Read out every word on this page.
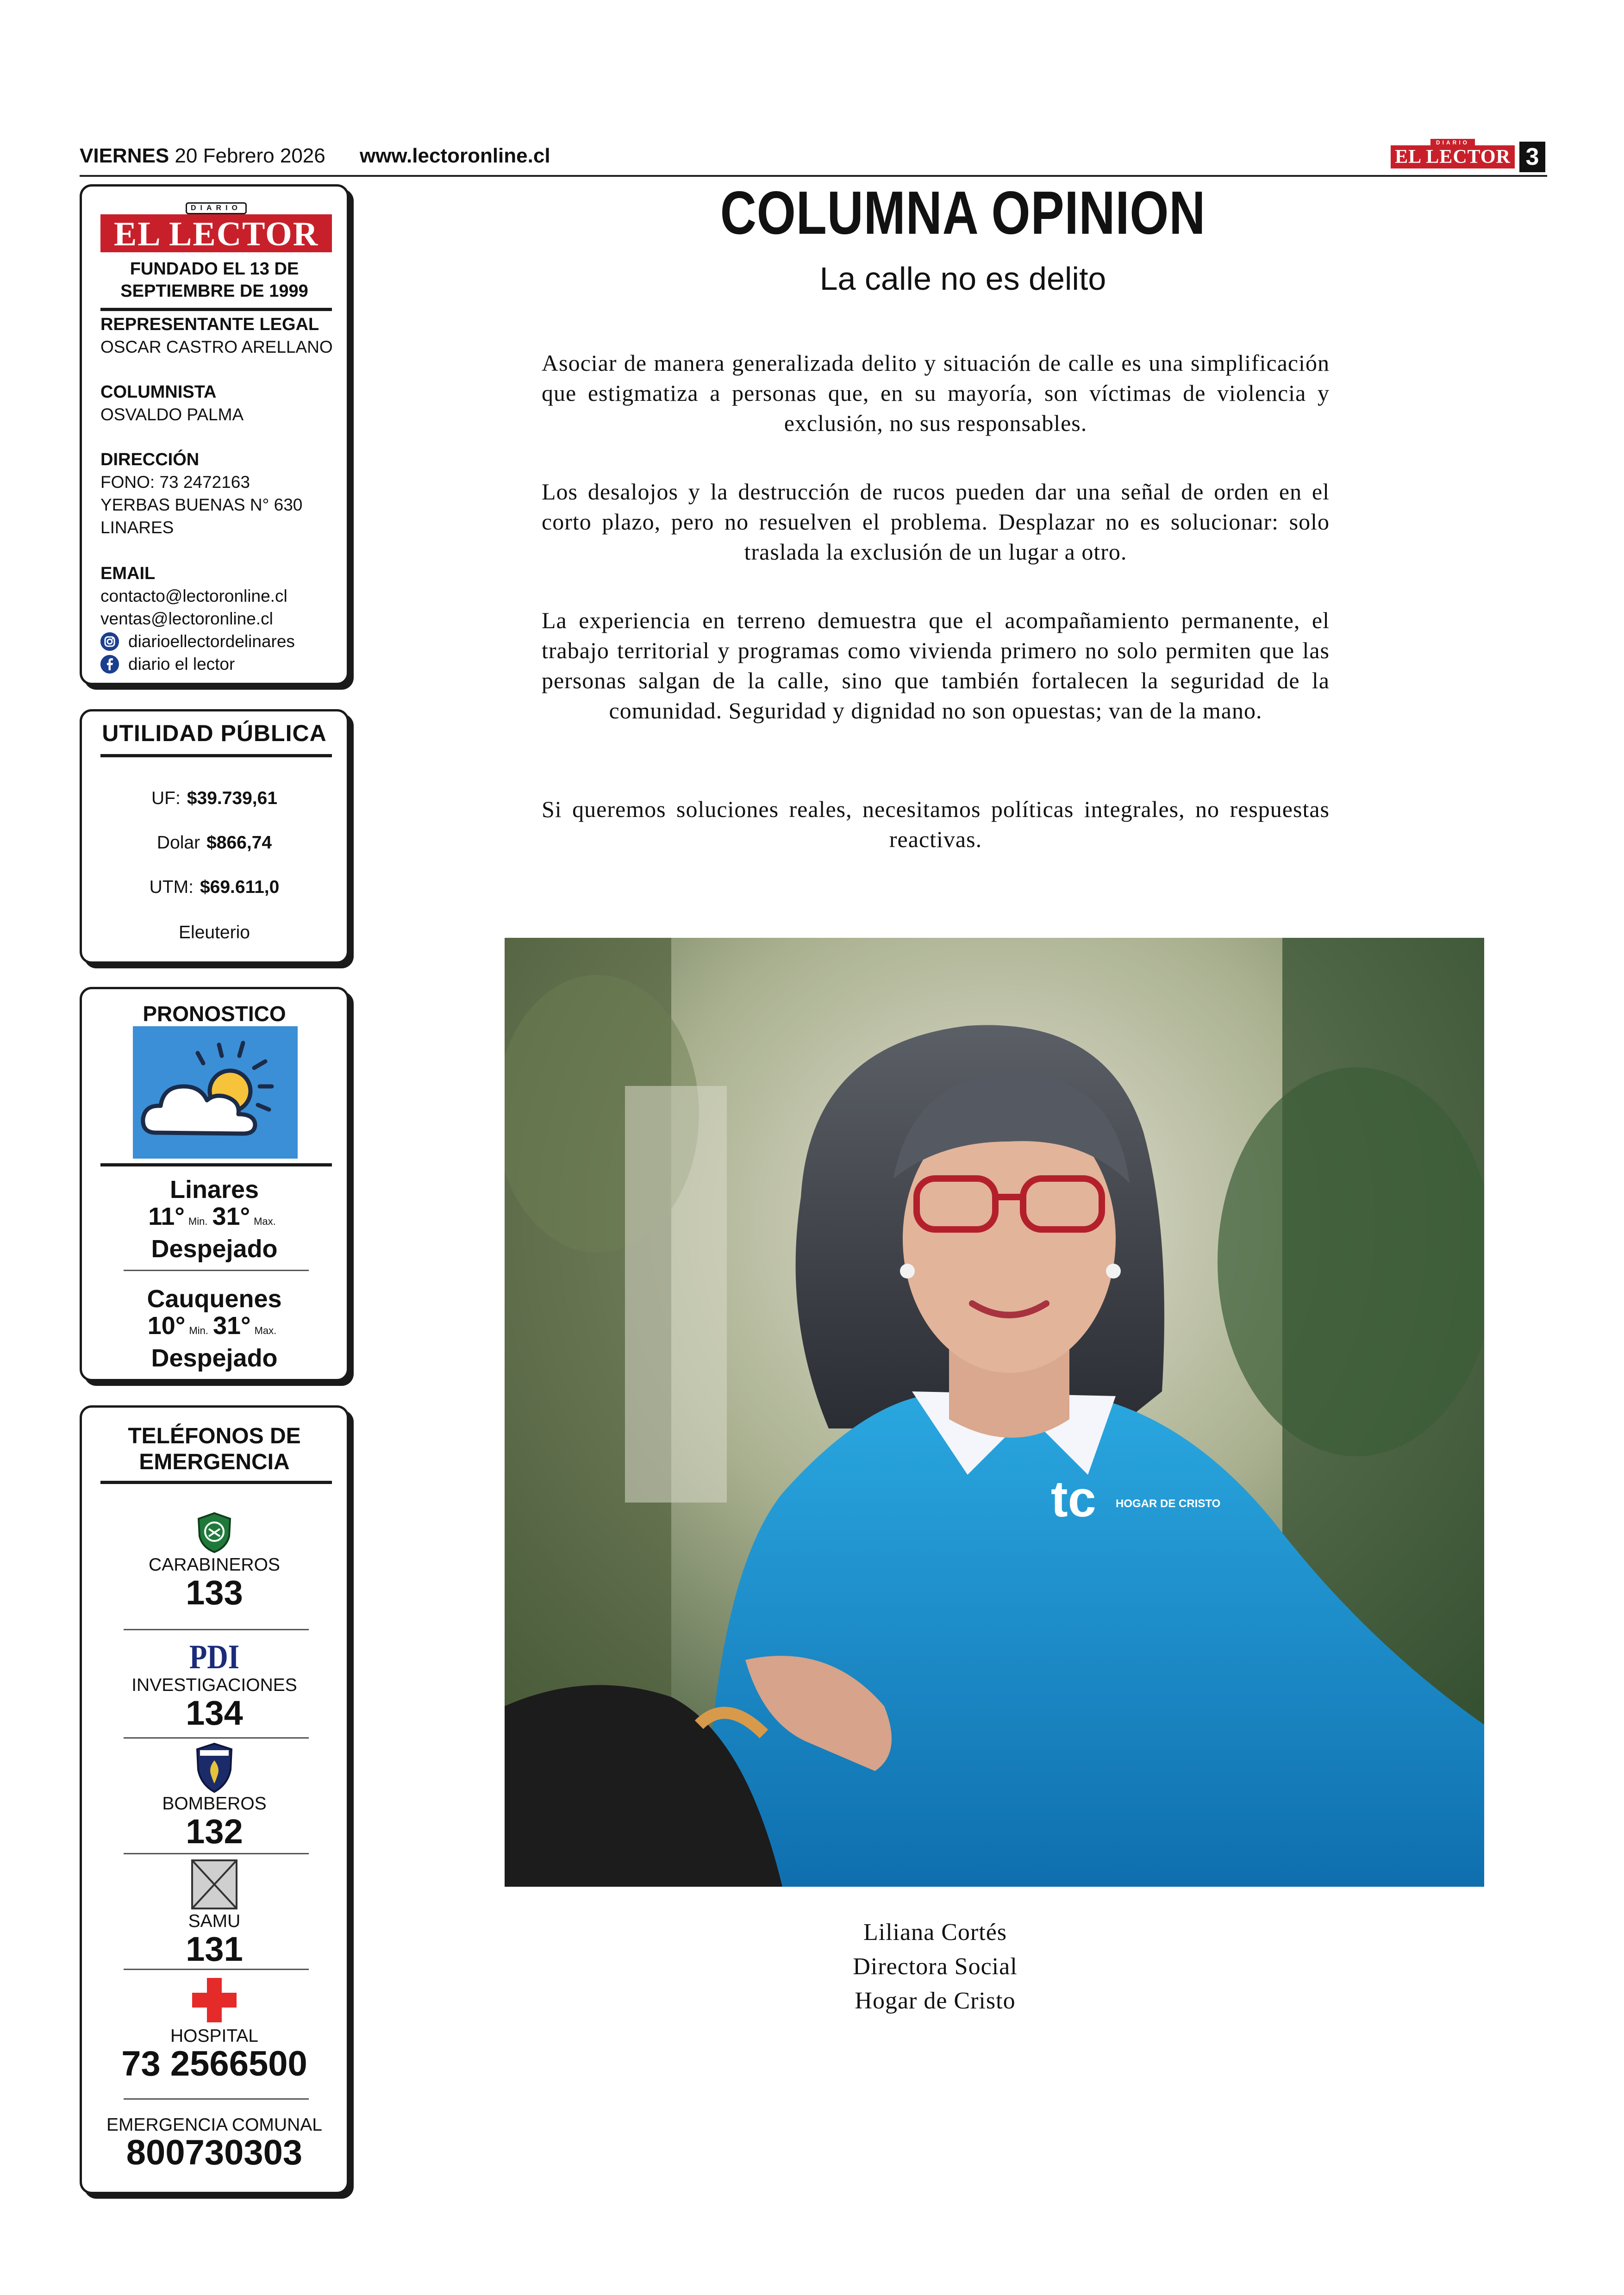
VIERNES 20 Febrero 2026 www.lectoronline.cl
DIARIO
EL LECTOR 3
DIARIO
EL LECTOR
FUNDADO EL 13 DE
SEPTIEMBRE DE 1999
REPRESENTANTE LEGAL
OSCAR CASTRO ARELLANO
COLUMNISTA
OSVALDO PALMA
DIRECCIÓN
FONO: 73 2472163
YERBAS BUENAS N° 630
LINARES
EMAIL
contacto@lectoronline.cl
ventas@lectoronline.cl
diarioellectordelinares
diario el lector
UTILIDAD PÚBLICA
UF: $39.739,61
Dolar $866,74
UTM: $69.611,0
Eleuterio
PRONOSTICO
Linares
11° Min. 31° Max.
Despejado
Cauquenes
10° Min. 31° Max.
Despejado
TELÉFONOS DE
EMERGENCIA
CARABINEROS
133
PDI
INVESTIGACIONES
134
BOMBEROS
132
SAMU
131
HOSPITAL
73 2566500
EMERGENCIA COMUNAL
800730303
COLUMNA OPINION
La calle no es delito
Asociar de manera generalizada delito y situación de calle es una simplificación que estigmatiza a personas que, en su mayoría, son víctimas de violencia y exclusión, no sus responsables.
Los desalojos y la destrucción de rucos pueden dar una señal de orden en el corto plazo, pero no resuelven el problema. Desplazar no es solucionar: solo traslada la exclusión de un lugar a otro.
La experiencia en terreno demuestra que el acompañamiento permanente, el trabajo territorial y programas como vivienda primero no solo permiten que las personas salgan de la calle, sino que también fortalecen la seguridad de la comunidad. Seguridad y dignidad no son opuestas; van de la mano.
Si queremos soluciones reales, necesitamos políticas integrales, no respuestas reactivas.
tc HOGAR DE CRISTO
Liliana Cortés
Directora Social
Hogar de Cristo
